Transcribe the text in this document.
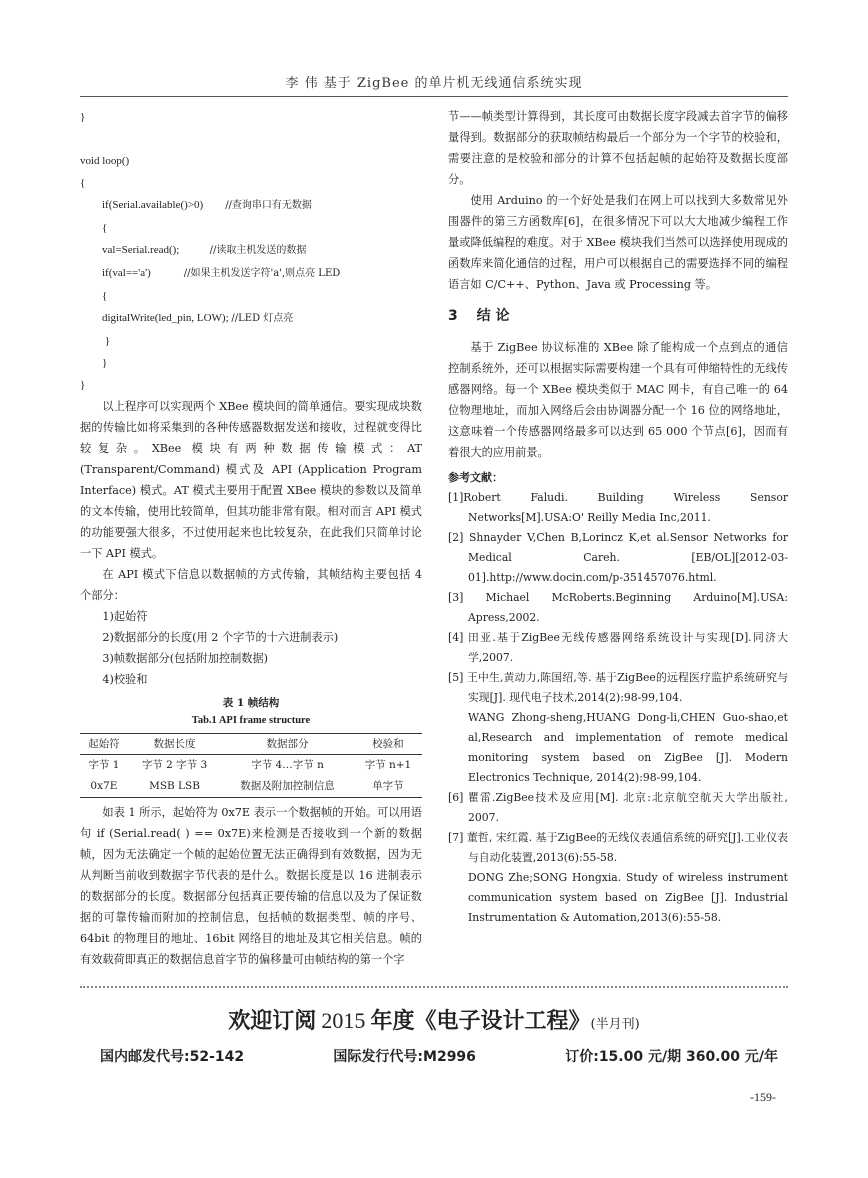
李 伟 基于 ZigBee 的单片机无线通信系统实现
}

void loop()
{
if(Serial.available()>0)        //查询串口有无数据
{
val=Serial.read();           //读取主机发送的数据
if(val=='a')            //如果主机发送字符'a',则点亮 LED
{
digitalWrite(led_pin, LOW); //LED 灯点亮
}
}
}

以上程序可以实现两个 XBee 模块间的简单通信。要实现成块数据的传输比如将采集到的各种传感器数据发送和接收，过程就变得比较复杂。XBee 模块有两种数据传输模式：AT (Transparent/Command) 模式及 API (Application Program Interface) 模式。AT 模式主要用于配置 XBee 模块的参数以及简单的文本传输，使用比较简单，但其功能非常有限。相对而言 API 模式的功能要强大很多，不过使用起来也比较复杂，在此我们只简单讨论一下 API 模式。

在 API 模式下信息以数据帧的方式传输，其帧结构主要包括 4 个部分：

1)起始符
2)数据部分的长度(用 2 个字节的十六进制表示)
3)帧数据部分(包括附加控制数据)
4)校验和
表 1 帧结构
Tab.1 API frame structure
起始符	数据长度	数据部分	校验和
字节 1	字节 2 字节 3	字节 4…字节 n	字节 n+1
0x7E	MSB LSB	数据及附加控制信息	单字节

如表 1 所示，起始符为 0x7E 表示一个数据帧的开始。可以用语句 if (Serial.read( ) == 0x7E)来检测是否接收到一个新的数据帧，因为无法确定一个帧的起始位置无法正确得到有效数据，因为无从判断当前收到数据字节代表的是什么。数据长度是以 16 进制表示的数据部分的长度。数据部分包括真正要传输的信息以及为了保证数据的可靠传输而附加的控制信息，包括帧的数据类型、帧的序号、64bit 的物理目的地址、16bit 网络目的地址及其它相关信息。帧的有效载荷即真正的数据信息首字节的偏移量可由帧结构的第一个字

节——帧类型计算得到，其长度可由数据长度字段减去首字节的偏移量得到。数据部分的获取帧结构最后一个部分为一个字节的校验和，需要注意的是校验和部分的计算不包括起帧的起始符及数据长度部分。

使用 Arduino 的一个好处是我们在网上可以找到大多数常见外围器件的第三方函数库[6]，在很多情况下可以大大地减少编程工作量或降低编程的难度。对于 XBee 模块我们当然可以选择使用现成的函数库来简化通信的过程，用户可以根据自己的需要选择不同的编程语言如 C/C++、Python、Java 或 Processing 等。

3 结 论

基于 ZigBee 协议标准的 XBee 除了能构成一个点到点的通信控制系统外，还可以根据实际需要构建一个具有可伸缩特性的无线传感器网络。每一个 XBee 模块类似于 MAC 网卡，有自己唯一的 64 位物理地址，而加入网络后会由协调器分配一个 16 位的网络地址，这意味着一个传感器网络最多可以达到 65 000 个节点[6]，因而有着很大的应用前景。

参考文献：
[1]Robert Faludi. Building Wireless Sensor Networks[M].USA:O' Reilly Media Inc,2011.
[2] Shnayder V,Chen B,Lorincz K,et al.Sensor Networks for Medical Careh. [EB/OL][2012-03-01].http://www.docin.com/p-351457076.html.
[3] Michael McRoberts.Beginning Arduino[M].USA: Apress,2002.
[4] 田亚.基于ZigBee无线传感器网络系统设计与实现[D].同济大学,2007.
[5] 王中生,黄动力,陈国绍,等. 基于ZigBee的远程医疗监护系统研究与实现[J]. 现代电子技术,2014(2):98-99,104.
WANG Zhong-sheng,HUANG Dong-li,CHEN Guo-shao,et al,Research and implementation of remote medical monitoring system based on ZigBee [J]. Modern Electronics Technique, 2014(2):98-99,104.
[6] 瞿雷.ZigBee技术及应用[M]. 北京:北京航空航天大学出版社, 2007.
[7] 董哲, 宋红霞. 基于ZigBee的无线仪表通信系统的研究[J].工业仪表与自动化装置,2013(6):55-58.
DONG Zhe;SONG Hongxia. Study of wireless instrument communication system based on ZigBee [J]. Industrial Instrumentation & Automation,2013(6):55-58.
欢迎订阅 2015 年度《电子设计工程》(半月刊)
国内邮发代号:52-142	国际发行代号:M2996	订价:15.00 元/期 360.00 元/年
-159-
